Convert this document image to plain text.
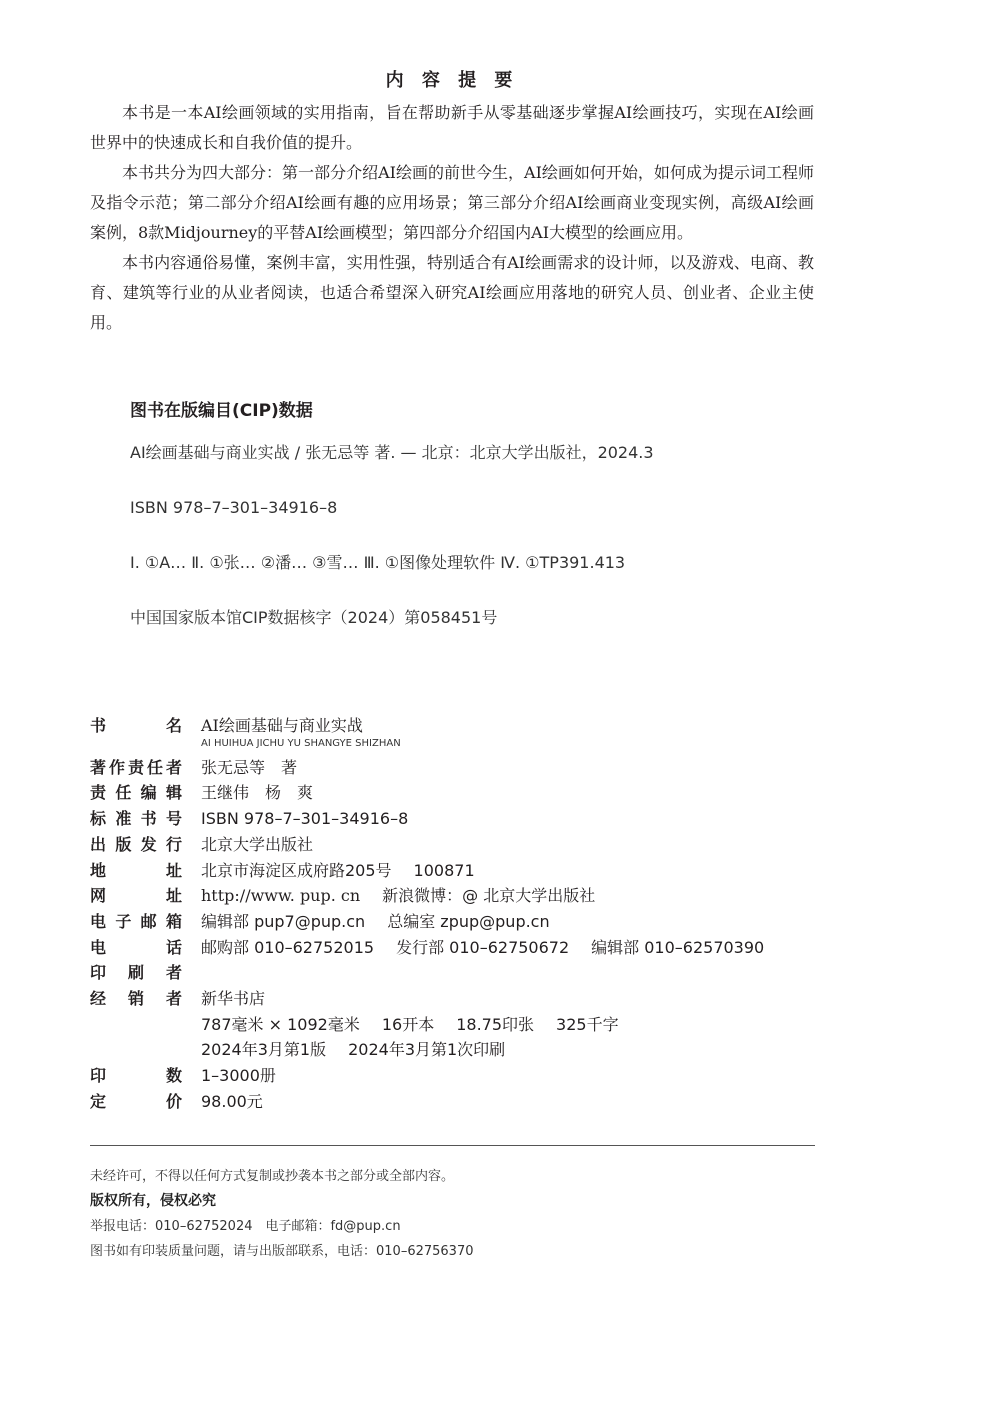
内 容 提 要

本书是一本AI绘画领域的实用指南，旨在帮助新手从零基础逐步掌握AI绘画技巧，实现在AI绘画世界中的快速成长和自我价值的提升。

本书共分为四大部分：第一部分介绍AI绘画的前世今生，AI绘画如何开始，如何成为提示词工程师及指令示范；第二部分介绍AI绘画有趣的应用场景；第三部分介绍AI绘画商业变现实例，高级AI绘画案例，8款Midjourney的平替AI绘画模型；第四部分介绍国内AI大模型的绘画应用。

本书内容通俗易懂，案例丰富，实用性强，特别适合有AI绘画需求的设计师，以及游戏、电商、教育、建筑等行业的从业者阅读，也适合希望深入研究AI绘画应用落地的研究人员、创业者、企业主使用。

图书在版编目(CIP)数据
AI绘画基础与商业实战 / 张无忌等 著. — 北京：北京大学出版社，2024.3
ISBN 978–7–301–34916–8
Ⅰ. ①A… Ⅱ. ①张… ②潘… ③雪… Ⅲ. ①图像处理软件 Ⅳ. ①TP391.413
中国国家版本馆CIP数据核字（2024）第058451号
书　　名 AI绘画基础与商业实战
AI HUIHUA JICHU YU SHANGYE SHIZHAN
著作责任者 张无忌等　著
责任编辑 王继伟　杨　爽
标准书号 ISBN 978–7–301–34916–8
出版发行 北京大学出版社
地　　址 北京市海淀区成府路205号 100871
网　　址 http://www. pup. cn 新浪微博：@ 北京大学出版社
电子邮箱 编辑部 pup7@pup.cn 总编室 zpup@pup.cn
电　　话 邮购部 010–62752015 发行部 010–62750672 编辑部 010–62570390
印 刷 者
经 销 者 新华书店
787毫米 × 1092毫米 16开本 18.75印张 325千字
2024年3月第1版 2024年3月第1次印刷
印　　数 1–3000册
定　　价 98.00元
未经许可，不得以任何方式复制或抄袭本书之部分或全部内容。
版权所有，侵权必究
举报电话：010–62752024　电子邮箱：fd@pup.cn
图书如有印装质量问题，请与出版部联系，电话：010–62756370
